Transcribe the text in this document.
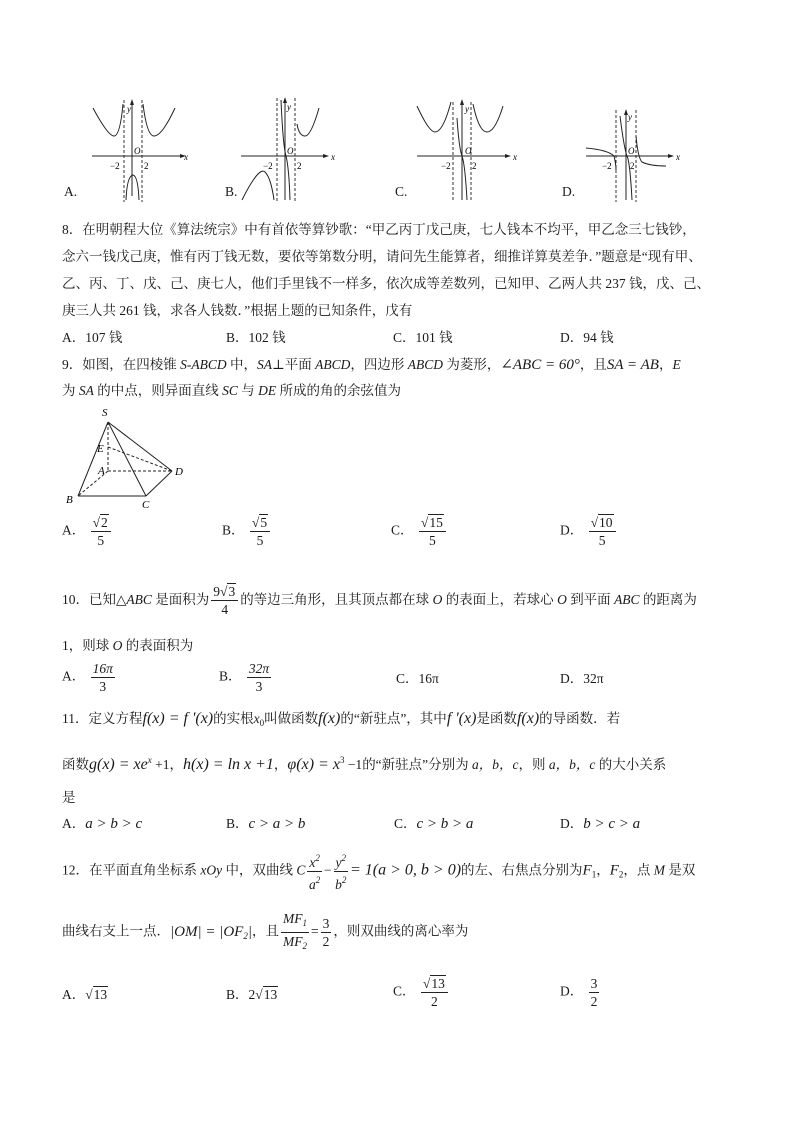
A.
y
x
O
−2	2
B.
y
x
O
−2	2
C.
y
x
O
−2 2
D.
y
x
O
−2 2
8．在明朝程大位《算法统宗》中有首依等算钞歌：“甲乙丙丁戊己庚，七人钱本不均平，甲乙念三七钱钞，
念六一钱戊己庚，惟有丙丁钱无数，要依等第数分明，请问先生能算者，细推详算莫差争．”题意是“现有甲、
乙、丙、丁、戊、己、庚七人，他们手里钱不一样多，依次成等差数列，已知甲、乙两人共 237 钱，戊、己、
庚三人共 261 钱，求各人钱数．”根据上题的已知条件，戊有
A．107 钱	B．102 钱	C．101 钱	D．94 钱
9．如图，在四棱锥 S-ABCD 中，SA⊥平面 ABCD，四边形 ABCD 为菱形，∠ABC = 60°，且SA = AB，E
为 SA 的中点，则异面直线 SC 与 DE 所成的角的余弦值为
S
E
A
B	C
D
A． $\frac{√2}{5}$	B． $\frac{√5}{5}$	C． $\frac{√15}{5}$	D． $\frac{√10}{5}$
10．已知△ABC 是面积为 $\frac{9√3}{4}$ 的等边三角形，且其顶点都在球 O 的表面上，若球心 O 到平面 ABC 的距离为
1，则球 O 的表面积为
A． $\frac{16\pi}{3}$	B． $\frac{32\pi}{3}$	C．16π	D．32π
11．定义方程f(x) = f '(x)的实根$x_0$叫做函数f(x)的“新驻点”，其中f '(x)是函数f(x)的导函数．若
函数$g(x) = xe^x +1$，h(x) = ln x +1，$\varphi(x) = x^3 -1$的“新驻点”分别为 a，b，c，则 a，b，c 的大小关系
是
A．a > b > c	B．c > a > b	C．c > b > a	D．b > c > a
12．在平面直角坐标系 xOy 中，双曲线 C $\frac{x^2}{a^2} - \frac{y^2}{b^2} = 1(a > 0$, b > 0)的左、右焦点分别为$F_1$，$F_2$，点 M 是双
曲线右支上一点．$|OM| = |OF_2|$，且 $\frac{MF_1}{MF_2} = \frac{3}{2}$ ，则双曲线的离心率为
A．√13	B．2√13	C． $\frac{√13}{2}$	D． $\frac{3}{2}$
